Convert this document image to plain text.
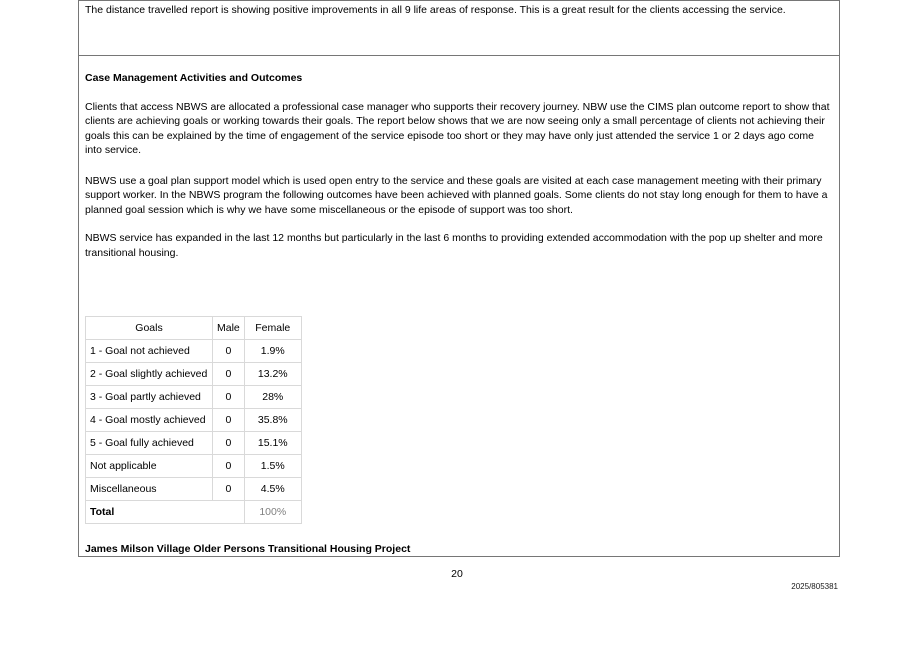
The distance travelled report is showing positive improvements in all 9 life areas of response. This is a great result for the clients accessing the service.

Case Management Activities and Outcomes

Clients that access NBWS are allocated a professional case manager who supports their recovery journey. NBW use the CIMS plan outcome report to show that clients are achieving goals or working towards their goals. The report below shows that we are now seeing only a small percentage of clients not achieving their goals this can be explained by the time of engagement of the service episode too short or they may have only just attended the service 1 or 2 days ago come into service.

NBWS use a goal plan support model which is used open entry to the service and these goals are visited at each case management meeting with their primary support worker. In the NBWS program the following outcomes have been achieved with planned goals. Some clients do not stay long enough for them to have a planned goal session which is why we have some miscellaneous or the episode of support was too short.

NBWS service has expanded in the last 12 months but particularly in the last 6 months to providing extended accommodation with the pop up shelter and more transitional housing.

Goals	Male	Female
1 - Goal not achieved	0	1.9%
2 - Goal slightly achieved	0	13.2%
3 - Goal partly achieved	0	28%
4 - Goal mostly achieved	0	35.8%
5 - Goal fully achieved	0	15.1%
Not applicable	0	1.5%
Miscellaneous	0	4.5%
Total		100%

James Milson Village Older Persons Transitional Housing Project

20
2025/805381
